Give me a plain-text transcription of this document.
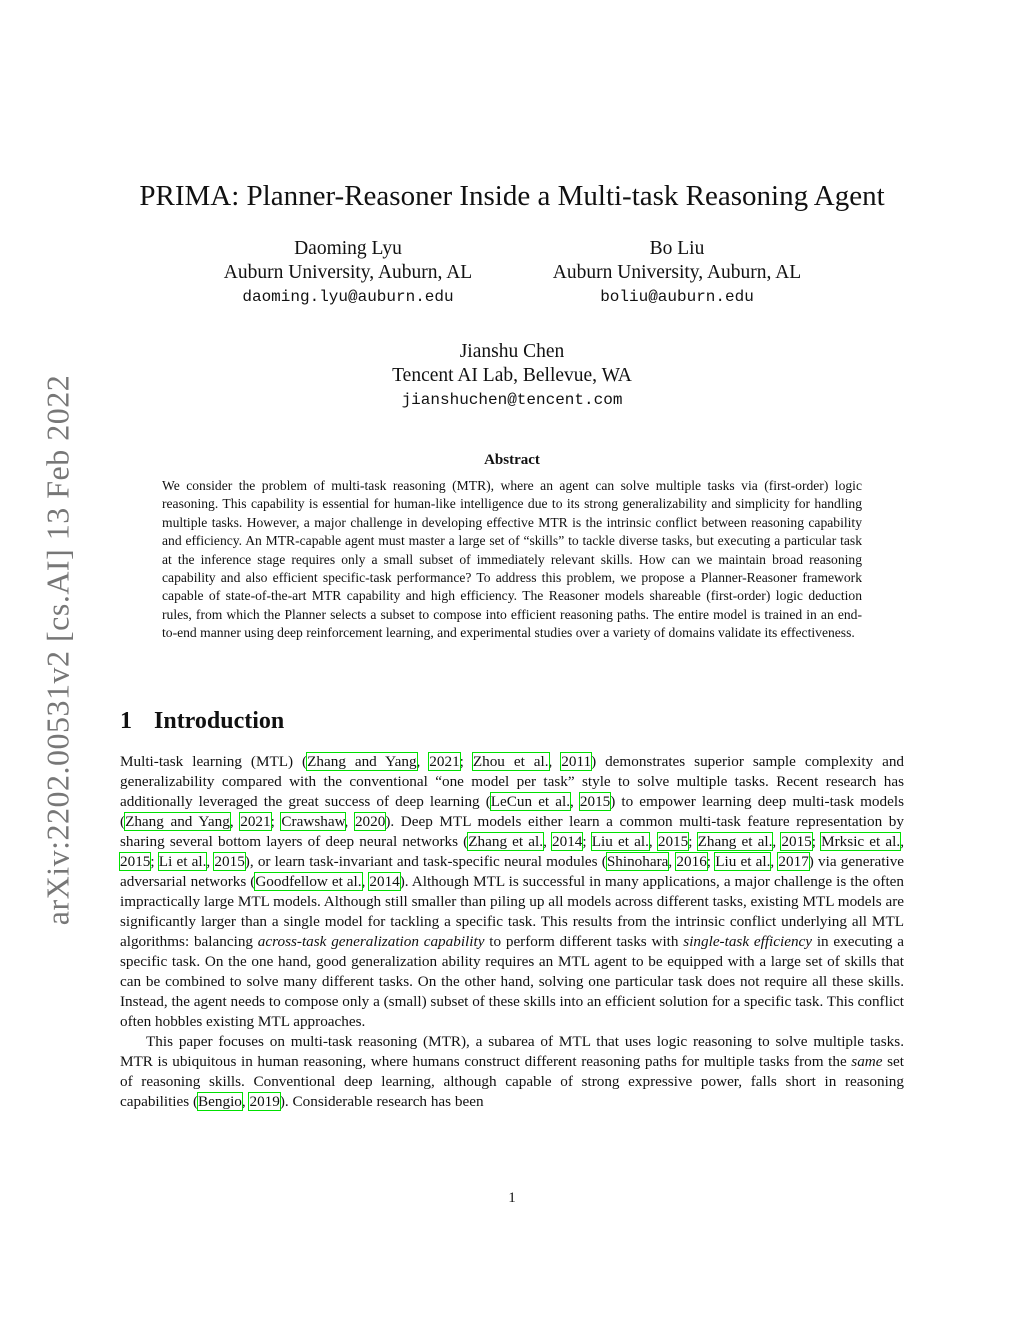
arXiv:2202.00531v2 [cs.AI] 13 Feb 2022
PRIMA: Planner-Reasoner Inside a Multi-task Reasoning Agent
Daoming Lyu
Auburn University, Auburn, AL
daoming.lyu@auburn.edu
Bo Liu
Auburn University, Auburn, AL
boliu@auburn.edu
Jianshu Chen
Tencent AI Lab, Bellevue, WA
jianshuchen@tencent.com
Abstract
We consider the problem of multi-task reasoning (MTR), where an agent can solve multiple tasks via (first-order) logic reasoning. This capability is essential for human-like intelligence due to its strong generalizability and simplicity for handling multiple tasks. However, a major challenge in developing effective MTR is the intrinsic conflict between reasoning capability and efficiency. An MTR-capable agent must master a large set of “skills” to tackle diverse tasks, but executing a particular task at the inference stage requires only a small subset of immediately relevant skills. How can we maintain broad reasoning capability and also efficient specific-task performance? To address this problem, we propose a Planner-Reasoner framework capable of state-of-the-art MTR capability and high efficiency. The Reasoner models shareable (first-order) logic deduction rules, from which the Planner selects a subset to compose into efficient reasoning paths. The entire model is trained in an end-to-end manner using deep reinforcement learning, and experimental studies over a variety of domains validate its effectiveness.
1 Introduction

Multi-task learning (MTL) (Zhang and Yang, 2021; Zhou et al., 2011) demonstrates superior sample complexity and generalizability compared with the conventional “one model per task” style to solve multiple tasks. Recent research has additionally leveraged the great success of deep learning (LeCun et al., 2015) to empower learning deep multi-task models (Zhang and Yang, 2021; Crawshaw, 2020). Deep MTL models either learn a common multi-task feature representation by sharing several bottom layers of deep neural networks (Zhang et al., 2014; Liu et al., 2015; Zhang et al., 2015; Mrksic et al., 2015; Li et al., 2015), or learn task-invariant and task-specific neural modules (Shinohara, 2016; Liu et al., 2017) via generative adversarial networks (Goodfellow et al., 2014). Although MTL is successful in many applications, a major challenge is the often impractically large MTL models. Although still smaller than piling up all models across different tasks, existing MTL models are significantly larger than a single model for tackling a specific task. This results from the intrinsic conflict underlying all MTL algorithms: balancing across-task generalization capability to perform different tasks with single-task efficiency in executing a specific task. On the one hand, good generalization ability requires an MTL agent to be equipped with a large set of skills that can be combined to solve many different tasks. On the other hand, solving one particular task does not require all these skills. Instead, the agent needs to compose only a (small) subset of these skills into an efficient solution for a specific task. This conflict often hobbles existing MTL approaches.

This paper focuses on multi-task reasoning (MTR), a subarea of MTL that uses logic reasoning to solve multiple tasks. MTR is ubiquitous in human reasoning, where humans construct different reasoning paths for multiple tasks from the same set of reasoning skills. Conventional deep learning, although capable of strong expressive power, falls short in reasoning capabilities (Bengio, 2019). Considerable research has been

1
